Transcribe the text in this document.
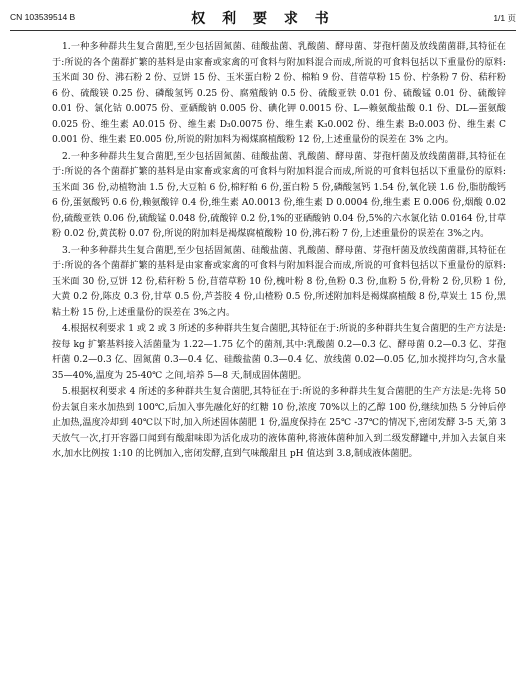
CN 103539514 B	权 利 要 求 书	1/1 页

1.一种多种群共生复合菌肥,至少包括固氮菌、硅酸盐菌、乳酸菌、酵母菌、芽孢杆菌及放线菌菌群,其特征在于:所说的各个菌群扩繁的基料是由家畜或家禽的可食料与附加料混合而成,所说的可食料包括以下重量份的原料:玉米面 30 份、沸石粉 2 份、豆饼 15 份、玉米蛋白粉 2 份、棉粕 9 份、苜蓿草粉 15 份、柠条粉 7 份、秸秆粉 6 份、硫酸镁 0.25 份、磷酸氢钙 0.25 份、腐殖酸钠 0.5 份、硫酸亚铁 0.01 份、硫酸锰 0.01 份、硫酸锌 0.01 份、氯化钴 0.0075 份、亚硒酸钠 0.005 份、碘化钾 0.0015 份、L—赖氨酸盐酸 0.1 份、DL—蛋氨酸 0.025 份、维生素 A0.015 份、维生素 D₃0.0075 份、维生素 K₃0.002 份、维生素 B₂0.003 份、维生素 C 0.001 份、维生素 E0.005 份,所说的附加料为褐煤腐植酸粉 12 份,上述重量份的误差在 3% 之内。

2.一种多种群共生复合菌肥,至少包括固氮菌、硅酸盐菌、乳酸菌、酵母菌、芽孢杆菌及放线菌菌群,其特征在于:所说的各个菌群扩繁的基料是由家畜或家禽的可食料与附加料混合而成,所说的可食料包括以下重量份的原料:玉米面 36 份,动植物油 1.5 份,大豆粕 6 份,棉籽粕 6 份,蛋白粉 5 份,磷酸氢钙 1.54 份,氧化镁 1.6 份,脂肪酸钙 6 份,蛋氨酸钙 0.6 份,赖氨酸锌 0.4 份,维生素 A0.0013 份,维生素 D 0.0004 份,维生素 E 0.006 份,烟酸 0.02 份,硫酸亚铁 0.06 份,硫酸锰 0.048 份,硫酸锌 0.2 份,1%的亚硒酸钠 0.04 份,5%的六水氯化钴 0.0164 份,甘草粉 0.02 份,黄芪粉 0.07 份,所说的附加料是褐煤腐植酸粉 10 份,沸石粉 7 份,上述重量份的误差在 3%之内。

3.一种多种群共生复合菌肥,至少包括固氮菌、硅酸盐菌、乳酸菌、酵母菌、芽孢杆菌及放线菌菌群,其特征在于:所说的各个菌群扩繁的基料是由家畜或家禽的可食料与附加料混合而成,所说的可食料包括以下重量份的原料:玉米面 30 份,豆饼 12 份,秸秆粉 5 份,苜蓿草粉 10 份,槐叶粉 8 份,鱼粉 0.3 份,血粉 5 份,骨粉 2 份,贝粉 1 份,大黄 0.2 份,陈皮 0.3 份,甘草 0.5 份,芦荟胶 4 份,山楂粉 0.5 份,所述附加料是褐煤腐植酸 8 份,草炭土 15 份,黑粘土粉 15 份,上述重量份的误差在 3%之内。

4.根据权利要求 1 或 2 或 3 所述的多种群共生复合菌肥,其特征在于:所说的多种群共生复合菌肥的生产方法是:按每 kg 扩繁基料接入活菌量为 1.22—1.75 亿个的菌剂,其中:乳酸菌 0.2—0.3 亿、酵母菌 0.2—0.3 亿、芽孢杆菌 0.2—0.3 亿、固氮菌 0.3—0.4 亿、硅酸盐菌 0.3—0.4 亿、放线菌 0.02—0.05 亿,加水搅拌均匀,含水量 35—40%,温度为 25-40℃ 之间,培养 5—8 天,制成固体菌肥。

5.根据权利要求 4 所述的多种群共生复合菌肥,其特征在于:所说的多种群共生复合菌肥的生产方法是:先将 50 份去氯自来水加热到 100℃,后加入事先融化好的红糖 10 份,浓度 70%以上的乙醇 100 份,继续加热 5 分钟后停止加热,温度冷却到 40℃以下时,加入所述固体菌肥 1 份,温度保持在 25℃ -37℃的情况下,密闭发酵 3-5 天,第 3 天放气一次,打开容器口闻到有酸甜味即为活化成功的液体菌种,将液体菌种加入到二级发酵罐中,并加入去氯自来水,加水比例按 1:10 的比例加入,密闭发酵,直到气味酸甜且 pH 值达到 3.8,制成液体菌肥。
